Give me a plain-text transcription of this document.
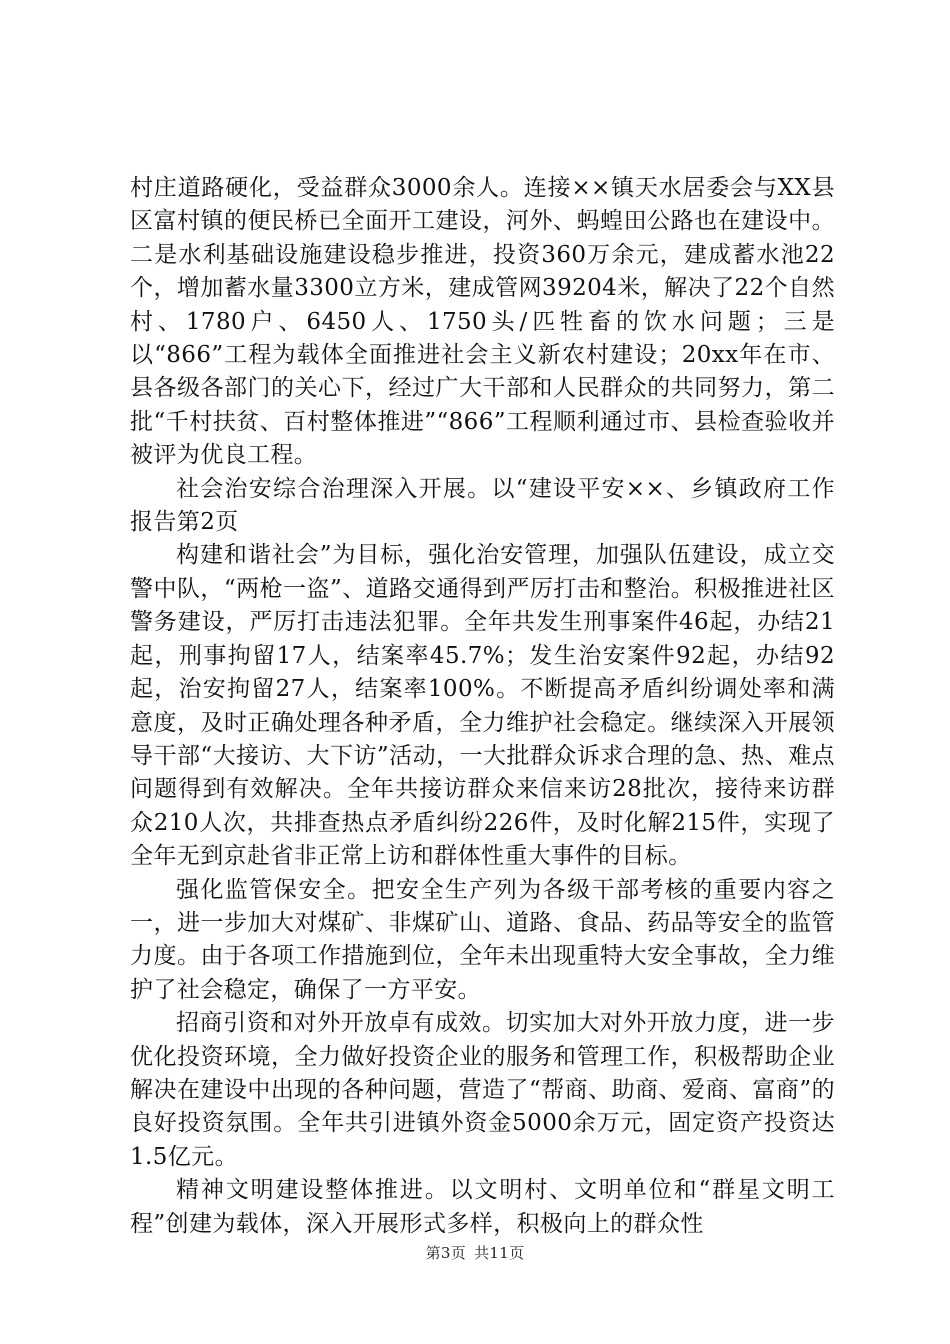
村庄道路硬化，受益群众3000余人。连接××镇天水居委会与XX县区富村镇的便民桥已全面开工建设，河外、蚂蝗田公路也在建设中。二是水利基础设施建设稳步推进，投资360万余元，建成蓄水池22个，增加蓄水量3300立方米，建成管网39204米，解决了22个自然村、1780户、6450人、1750头/匹牲畜的饮水问题；三是以“866”工程为载体全面推进社会主义新农村建设；20xx年在市、县各级各部门的关心下，经过广大干部和人民群众的共同努力，第二批“千村扶贫、百村整体推进”“866”工程顺利通过市、县检查验收并被评为优良工程。

社会治安综合治理深入开展。以“建设平安××、乡镇政府工作报告第2页

构建和谐社会”为目标，强化治安管理，加强队伍建设，成立交警中队，“两枪一盗”、道路交通得到严厉打击和整治。积极推进社区警务建设，严厉打击违法犯罪。全年共发生刑事案件46起，办结21起，刑事拘留17人，结案率45.7%；发生治安案件92起，办结92起，治安拘留27人，结案率100%。不断提高矛盾纠纷调处率和满意度，及时正确处理各种矛盾，全力维护社会稳定。继续深入开展领导干部“大接访、大下访”活动，一大批群众诉求合理的急、热、难点问题得到有效解决。全年共接访群众来信来访28批次，接待来访群众210人次，共排查热点矛盾纠纷226件，及时化解215件，实现了全年无到京赴省非正常上访和群体性重大事件的目标。

强化监管保安全。把安全生产列为各级干部考核的重要内容之一，进一步加大对煤矿、非煤矿山、道路、食品、药品等安全的监管力度。由于各项工作措施到位，全年未出现重特大安全事故，全力维护了社会稳定，确保了一方平安。

招商引资和对外开放卓有成效。切实加大对外开放力度，进一步优化投资环境，全力做好投资企业的服务和管理工作，积极帮助企业解决在建设中出现的各种问题，营造了“帮商、助商、爱商、富商”的良好投资氛围。全年共引进镇外资金5000余万元，固定资产投资达1.5亿元。

精神文明建设整体推进。以文明村、文明单位和“群星文明工程”创建为载体，深入开展形式多样，积极向上的群众性

第3页 共11页
